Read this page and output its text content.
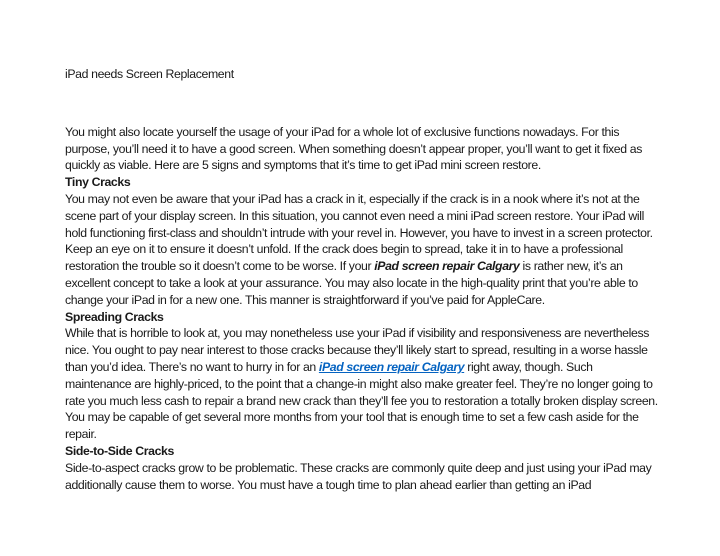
iPad needs Screen Replacement

You might also locate yourself the usage of your iPad for a whole lot of exclusive functions nowadays. For this purpose, you’ll need it to have a good screen. When something doesn’t appear proper, you’ll want to get it fixed as quickly as viable. Here are 5 signs and symptoms that it’s time to get iPad mini screen restore.

Tiny Cracks

You may not even be aware that your iPad has a crack in it, especially if the crack is in a nook where it’s not at the scene part of your display screen. In this situation, you cannot even need a mini iPad screen restore. Your iPad will hold functioning first-class and shouldn’t intrude with your revel in. However, you have to invest in a screen protector. Keep an eye on it to ensure it doesn’t unfold. If the crack does begin to spread, take it in to have a professional restoration the trouble so it doesn’t come to be worse. If your iPad screen repair Calgary is rather new, it’s an excellent concept to take a look at your assurance. You may also locate in the high-quality print that you’re able to change your iPad in for a new one. This manner is straightforward if you’ve paid for AppleCare.

Spreading Cracks

While that is horrible to look at, you may nonetheless use your iPad if visibility and responsiveness are nevertheless nice. You ought to pay near interest to those cracks because they’ll likely start to spread, resulting in a worse hassle than you’d idea. There’s no want to hurry in for an iPad screen repair Calgary right away, though. Such maintenance are highly-priced, to the point that a change-in might also make greater feel. They’re no longer going to rate you much less cash to repair a brand new crack than they’ll fee you to restoration a totally broken display screen. You may be capable of get several more months from your tool that is enough time to set a few cash aside for the repair.

Side-to-Side Cracks

Side-to-aspect cracks grow to be problematic. These cracks are commonly quite deep and just using your iPad may additionally cause them to worse. You must have a tough time to plan ahead earlier than getting an iPad
